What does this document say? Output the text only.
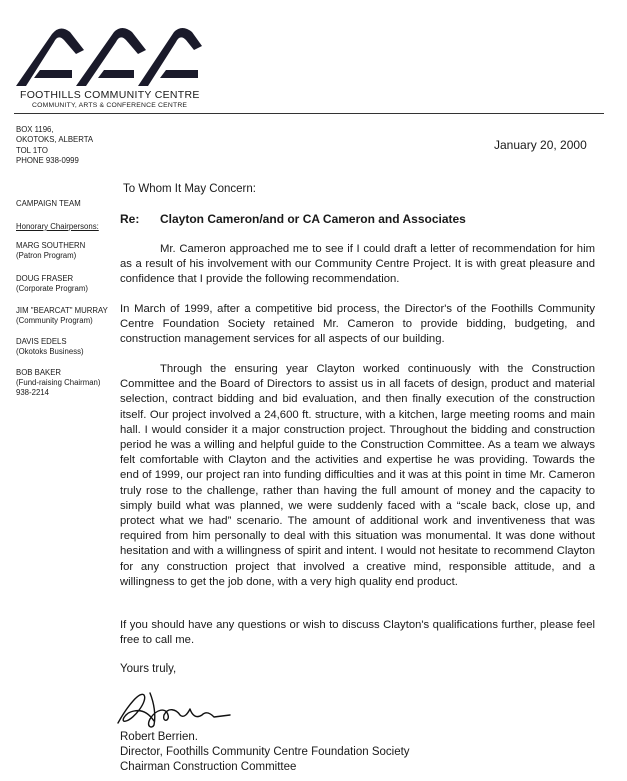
FOOTHILLS COMMUNITY CENTRE
COMMUNITY, ARTS & CONFERENCE CENTRE
BOX 1196,
OKOTOKS, ALBERTA
TOL 1TO
PHONE 938-0999
January 20, 2000
CAMPAIGN TEAM
Honorary Chairpersons:
MARG SOUTHERN
(Patron Program)
DOUG FRASER
(Corporate Program)
JIM "BEARCAT" MURRAY
(Community Program)
DAVIS EDELS
(Okotoks Business)
BOB BAKER
(Fund-raising Chairman)
938-2214
To Whom It May Concern:
Re: Clayton Cameron/and or CA Cameron and Associates
Mr. Cameron approached me to see if I could draft a letter of recommendation for him as a result of his involvement with our Community Centre Project. It is with great pleasure and confidence that I provide the following recommendation.
In March of 1999, after a competitive bid process, the Director's of the Foothills Community Centre Foundation Society retained Mr. Cameron to provide bidding, budgeting, and construction management services for all aspects of our building.
Through the ensuring year Clayton worked continuously with the Construction Committee and the Board of Directors to assist us in all facets of design, product and material selection, contract bidding and bid evaluation, and then finally execution of the construction itself. Our project involved a 24,600 ft. structure, with a kitchen, large meeting rooms and main hall. I would consider it a major construction project. Throughout the bidding and construction period he was a willing and helpful guide to the Construction Committee. As a team we always felt comfortable with Clayton and the activities and expertise he was providing. Towards the end of 1999, our project ran into funding difficulties and it was at this point in time Mr. Cameron truly rose to the challenge, rather than having the full amount of money and the capacity to simply build what was planned, we were suddenly faced with a “scale back, close up, and protect what we had” scenario. The amount of additional work and inventiveness that was required from him personally to deal with this situation was monumental. It was done without hesitation and with a willingness of spirit and intent. I would not hesitate to recommend Clayton for any construction project that involved a creative mind, responsible attitude, and a willingness to get the job done, with a very high quality end product.
If you should have any questions or wish to discuss Clayton's qualifications further, please feel free to call me.
Yours truly,
Robert Berrien.
Director, Foothills Community Centre Foundation Society
Chairman Construction Committee
